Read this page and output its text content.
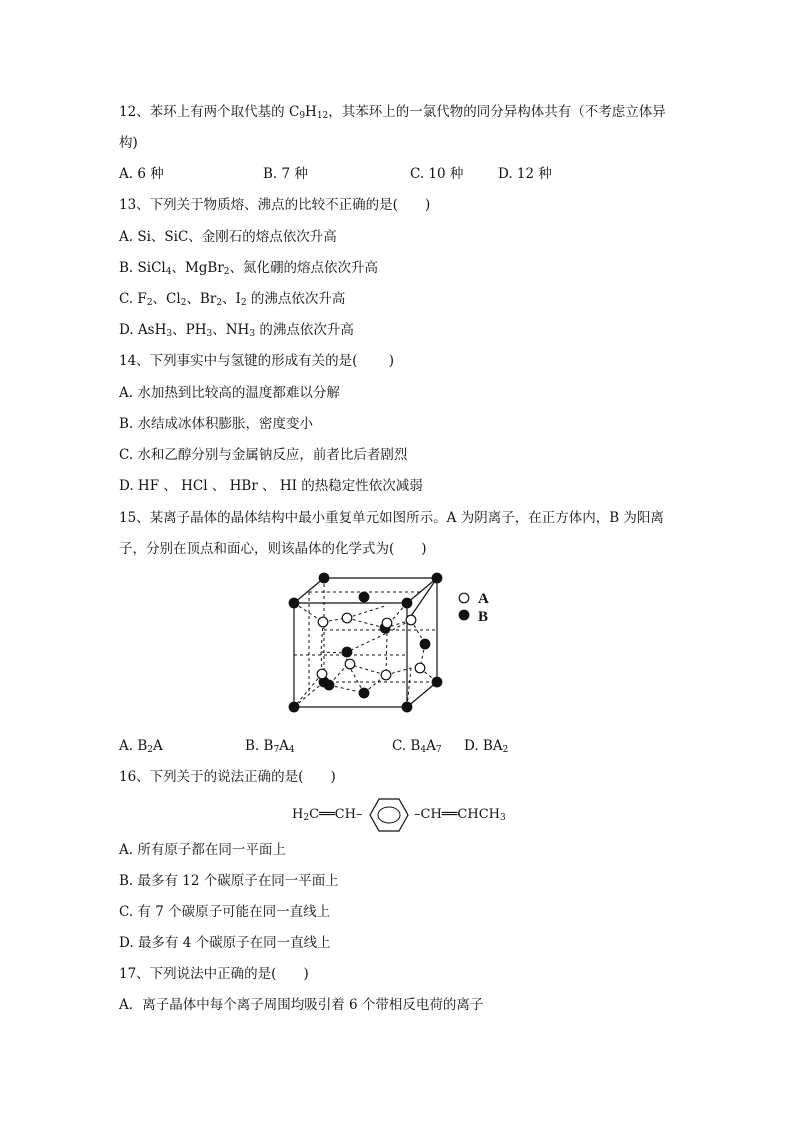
12、苯环上有两个取代基的 $C_9H_{12}$，其苯环上的一氯代物的同分异构体共有（不考虑立体异
构)
A. 6 种	B. 7 种	C. 10 种	D. 12 种
13、下列关于物质熔、沸点的比较不正确的是(　　)
A. Si、SiC、金刚石的熔点依次升高
B. SiCl$_4$、MgBr$_2$、氮化硼的熔点依次升高
C. $F_2$、$Cl_2$、$Br_2$、$I_2$ 的沸点依次升高
D. AsH$_3$、$PH_3$、$NH_3$ 的沸点依次升高
14、下列事实中与氢键的形成有关的是(　　 )
A. 水加热到比较高的温度都难以分解
B. 水结成冰体积膨胀，密度变小
C. 水和乙醇分别与金属钠反应，前者比后者剧烈
D. HF 、 HCl 、 HBr 、 HI 的热稳定性依次减弱
15、某离子晶体的晶体结构中最小重复单元如图所示。A 为阴离子，在正方体内，B 为阳离
子，分别在顶点和面心，则该晶体的化学式为(　　)
A
B
A. $B_2A$	B. $B_7A_4$	C. $B_4A_7$ D. $BA_2$
16、下列关于的说法正确的是(　　)
$H_2C══CH-$	$-CH══CHCH_3$
A. 所有原子都在同一平面上
B. 最多有 12 个碳原子在同一平面上
C. 有 7 个碳原子可能在同一直线上
D. 最多有 4 个碳原子在同一直线上
17、下列说法中正确的是(　　)
A．离子晶体中每个离子周围均吸引着 6 个带相反电荷的离子
